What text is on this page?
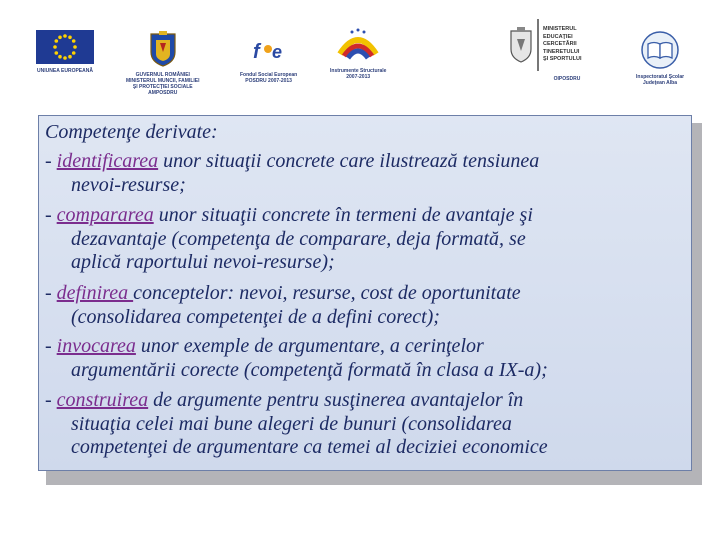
UNIUNEA EUROPEANĂ
GUVERNUL ROMÂNIEI
MINISTERUL MUNCII, FAMILIEI
ŞI PROTECŢIEI SOCIALE
AMPOSDRU
f e
Fondul Social European
POSDRU 2007-2013
Instrumente Structurale
2007-2013
MINISTERUL
EDUCAŢIEI
CERCETĂRII
TINERETULUI
ŞI SPORTULUI
OIPOSDRU	Inspectoratul Şcolar
Judeţean Alba
Competenţe derivate:
- identificarea unor situaţii concrete care ilustrează tensiunea
nevoi-resurse;
- compararea unor situaţii concrete în termeni de avantaje şi
dezavantaje (competenţa de comparare, deja formată, se
aplică raportului nevoi-resurse);
- definirea conceptelor: nevoi, resurse, cost de oportunitate
(consolidarea competenţei de a defini corect);
- invocarea unor exemple de argumentare, a cerinţelor
argumentării corecte (competenţă formată în clasa a IX-a);
- construirea de argumente pentru susţinerea avantajelor în
situaţia celei mai bune alegeri de bunuri (consolidarea
competenţei de argumentare ca temei al deciziei economice
